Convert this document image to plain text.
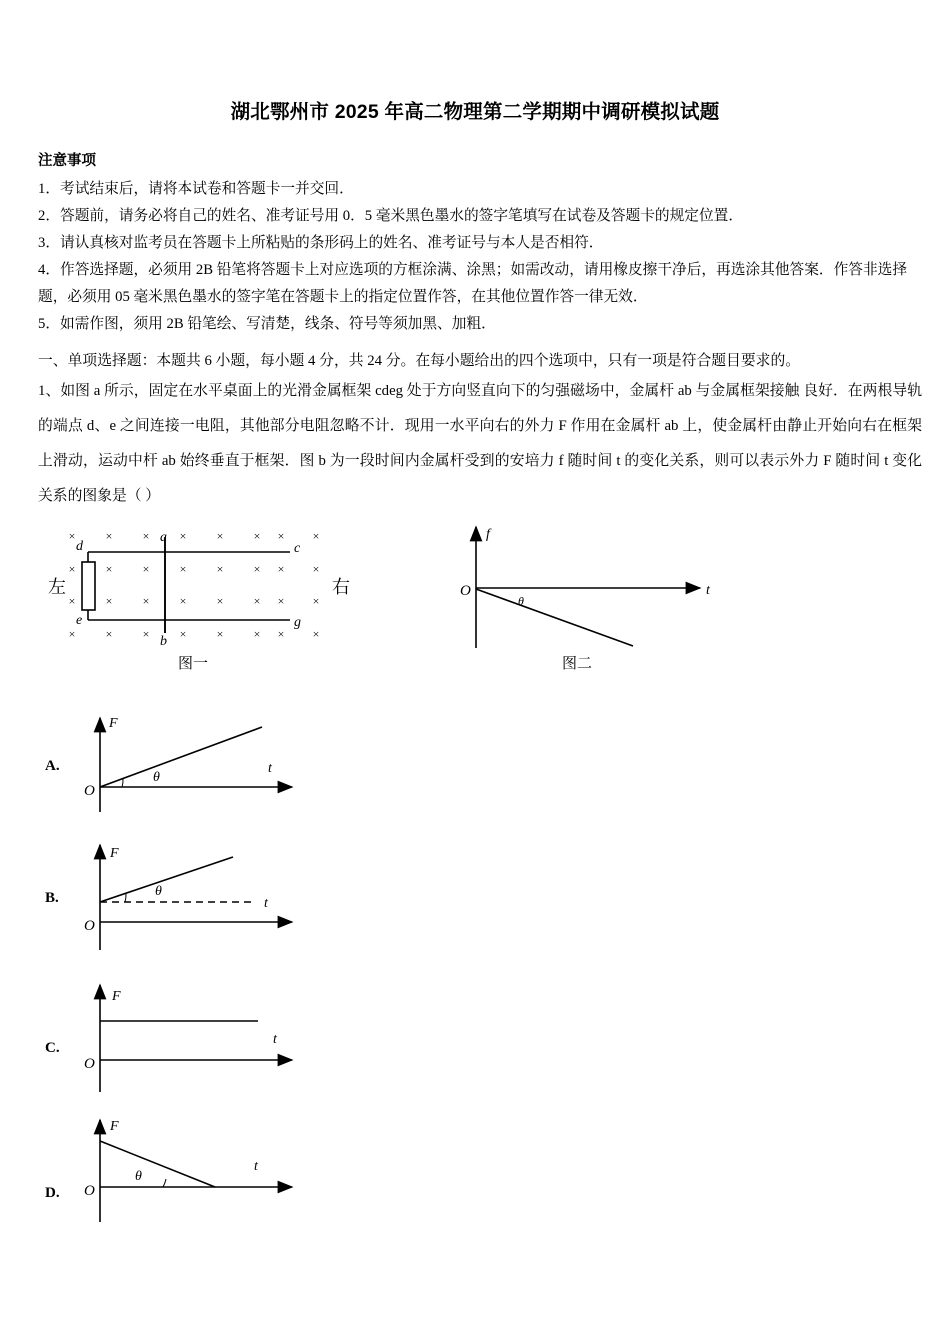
湖北鄂州市 2025 年高二物理第二学期期中调研模拟试题
注意事项

1．考试结束后，请将本试卷和答题卡一并交回．

2．答题前，请务必将自己的姓名、准考证号用 0．5 毫米黑色墨水的签字笔填写在试卷及答题卡的规定位置．

3．请认真核对监考员在答题卡上所粘贴的条形码上的姓名、准考证号与本人是否相符．

4．作答选择题，必须用 2B 铅笔将答题卡上对应选项的方框涂满、涂黑；如需改动，请用橡皮擦干净后，再选涂其他答案．作答非选择题，必须用 05 毫米黑色墨水的签字笔在答题卡上的指定位置作答，在其他位置作答一律无效．

5．如需作图，须用 2B 铅笔绘、写清楚，线条、符号等须加黑、加粗．

一、单项选择题：本题共 6 小题，每小题 4 分，共 24 分。在每小题给出的四个选项中，只有一项是符合题目要求的。
1、如图 a 所示，固定在水平桌面上的光滑金属框架 cdeg 处于方向竖直向下的匀强磁场中，金属杆 ab 与金属框架接触 良好．在两根导轨的端点 d、e 之间连接一电阻，其他部分电阻忽略不计．现用一水平向右的外力 F 作用在金属杆 ab 上，使金属杆由静止开始向右在框架上滑动，运动中杆 ab 始终垂直于框架．图 b 为一段时间内金属杆受到的安培力 f 随时间 t 的变化关系，则可以表示外力 F 随时间 t 变化关系的图象是（ ）
图一	图二
左	右
A.
B.
C.
D.
×	×	×	×	×	× × ×
×	×	×	×	×	× × ×
×	×	×	×	×	× × ×
×	×	×	×	×	× × ×
d	c
e	g
a
b
f
t
O
θ
F
t
O
θ
F
t
O
θ
F
t
O
F
t
O
θ
